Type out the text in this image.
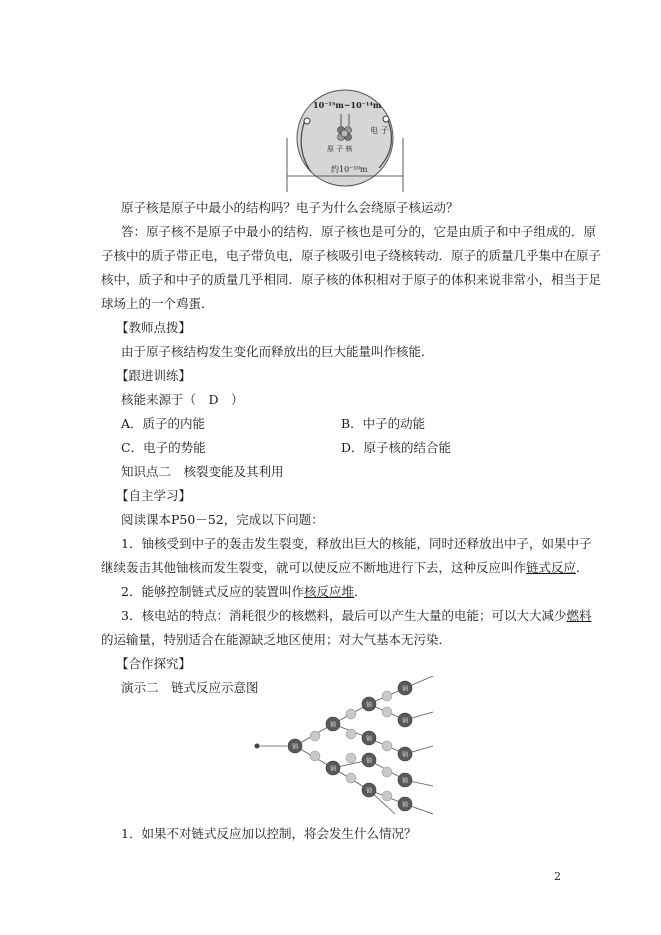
10⁻¹⁵m~10⁻¹⁴m
电 子
原 子 核
约10⁻¹⁰m
原子核是原子中最小的结构吗？电子为什么会绕原子核运动？
答：原子核不是原子中最小的结构．原子核也是可分的，它是由质子和中子组成的．原
子核中的质子带正电，电子带负电，原子核吸引电子绕核转动．原子的质量几乎集中在原子
核中，质子和中子的质量几乎相同．原子核的体积相对于原子的体积来说非常小，相当于足
球场上的一个鸡蛋．
【教师点拨】
由于原子核结构发生变化而释放出的巨大能量叫作核能．
【跟进训练】
核能来源于（　D　）
A．质子的内能	B．中子的动能
C．电子的势能	D．原子核的结合能
知识点二　核裂变能及其利用
【自主学习】
阅读课本P50－52，完成以下问题：
1．铀核受到中子的轰击发生裂变，释放出巨大的核能，同时还释放出中子，如果中子
继续轰击其他铀核而发生裂变，就可以使反应不断地进行下去，这种反应叫作链式反应．
2．能够控制链式反应的装置叫作核反应堆．
3．核电站的特点：消耗很少的核燃料，最后可以产生大量的电能；可以大大减少燃料
的运输量，特别适合在能源缺乏地区使用；对大气基本无污染．
【合作探究】
演示二　链式反应示意图
铀
铀
铀
铀
铀
铀
铀
铀
铀
铀
铀
铀
1．如果不对链式反应加以控制，将会发生什么情况？
2
